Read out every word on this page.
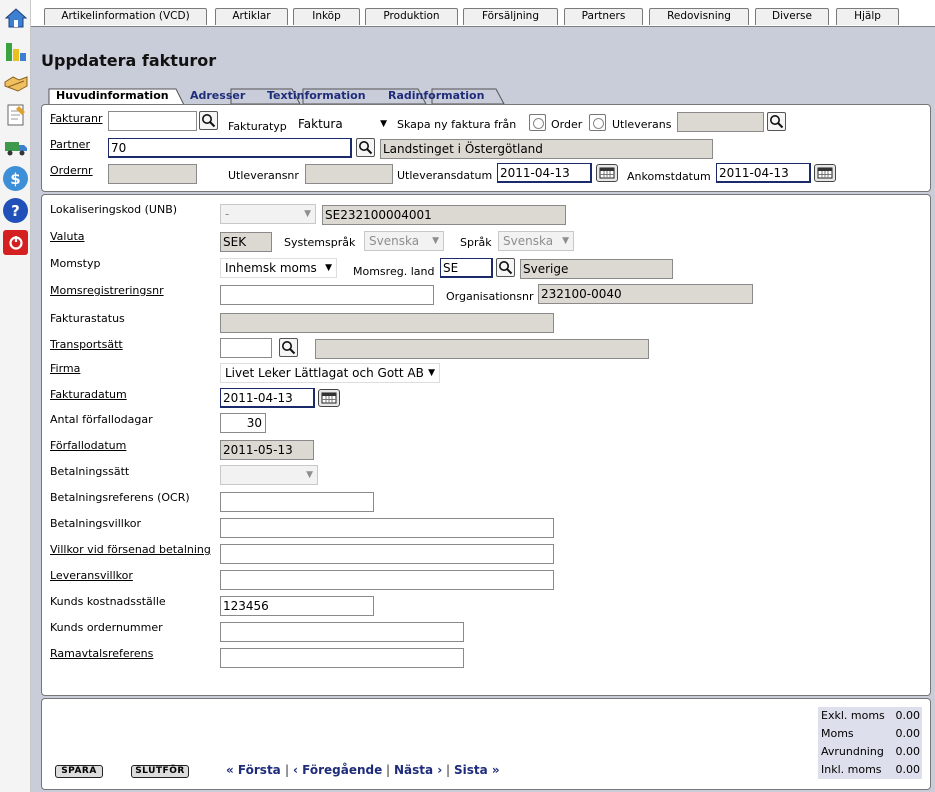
$
?
Artikelinformation (VCD)	Artiklar	Inköp	Produktion	Försäljning	Partners	Redovisning	Diverse	Hjälp
Uppdatera fakturor
Huvudinformation	Adresser	Textinformation	Radinformation
Fakturanr
Fakturatyp Faktura	▼ Skapa ny faktura från	Order	Utleverans
Partner 70	Landstinget i Östergötland
Ordernr	Utleveransnr	Utleveransdatum 2011-04-13	Ankomstdatum 2011-04-13
Lokaliseringskod (UNB)	-	▼ SE232100004001
Valuta	SEK	Systemspråk	Svenska ▼ Språk Svenska ▼
Momstyp	Inhemsk moms ▼ Momsreg. land SE	Sverige
Momsregistreringsnr	Organisationsnr 232100-0040
Fakturastatus
Transportsätt
Firma	Livet Leker Lättlagat och Gott AB ▼
Fakturadatum	2011-04-13
Antal förfallodagar	30
Förfallodatum	2011-05-13
Betalningssätt	▼
Betalningsreferens (OCR)
Betalningsvillkor
Villkor vid försenad betalning
Leveransvillkor
Kunds kostnadsställe	123456
Kunds ordernummer
Ramavtalsreferens
SPARA	SLUTFÖR	« Första | ‹ Föregående | Nästa › | Sista »
Exkl. moms 0.00
Moms	0.00
Avrundning 0.00
Inkl. moms 0.00
